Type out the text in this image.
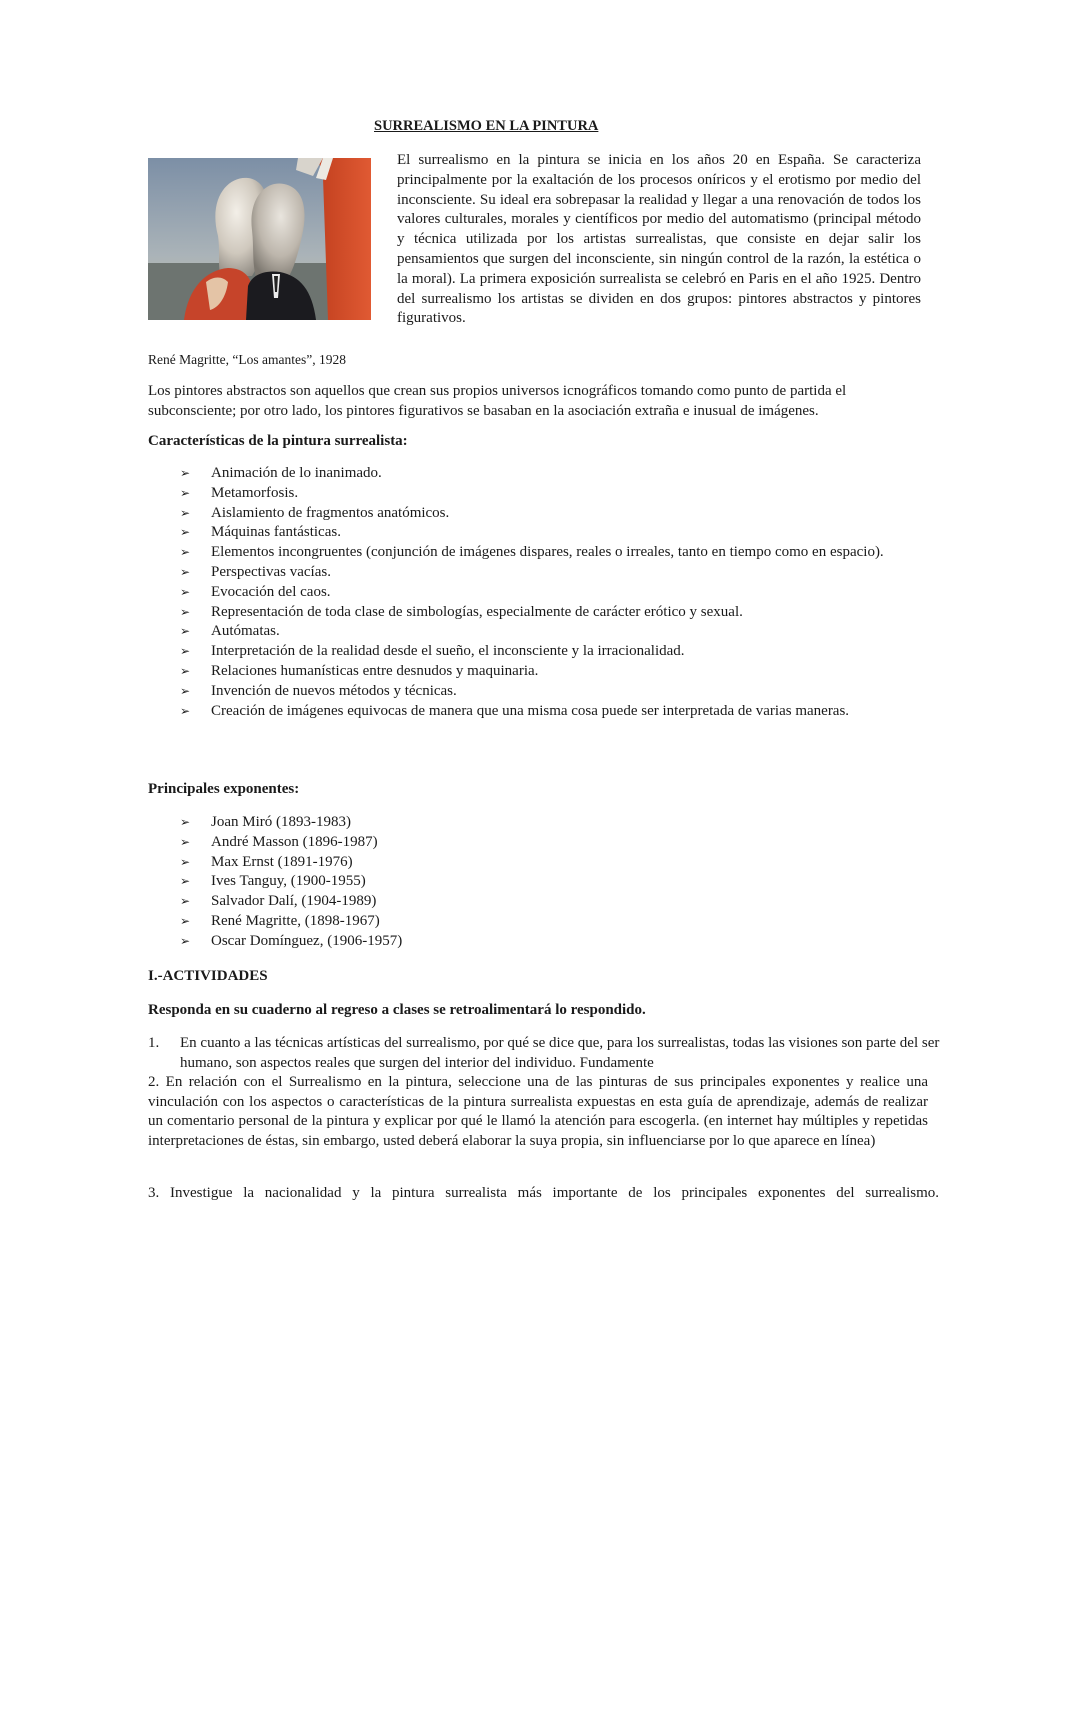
SURREALISMO EN LA PINTURA
El surrealismo en la pintura se inicia en los años 20 en España. Se caracteriza principalmente por la exaltación de los procesos oníricos y el erotismo por medio del inconsciente. Su ideal era sobrepasar la realidad y llegar a una renovación de todos los valores culturales, morales y científicos por medio del automatismo (principal método y técnica utilizada por los artistas surrealistas, que consiste en dejar salir los pensamientos que surgen del inconsciente, sin ningún control de la razón, la estética o la moral). La primera exposición surrealista se celebró en Paris en el año 1925. Dentro del surrealismo los artistas se dividen en dos grupos: pintores abstractos y pintores figurativos.
René Magritte, “Los amantes”, 1928
Los pintores abstractos son aquellos que crean sus propios universos icnográficos tomando como punto de partida el subconsciente; por otro lado, los pintores figurativos se basaban en la asociación extraña e inusual de imágenes.
Características de la pintura surrealista:
➢ Animación de lo inanimado.
➢ Metamorfosis.
➢ Aislamiento de fragmentos anatómicos.
➢ Máquinas fantásticas.
➢ Elementos incongruentes (conjunción de imágenes dispares, reales o irreales, tanto en tiempo como en espacio).
➢ Perspectivas vacías.
➢ Evocación del caos.
➢ Representación de toda clase de simbologías, especialmente de carácter erótico y sexual.
➢ Autómatas.
➢ Interpretación de la realidad desde el sueño, el inconsciente y la irracionalidad.
➢ Relaciones humanísticas entre desnudos y maquinaria.
➢ Invención de nuevos métodos y técnicas.
➢ Creación de imágenes equivocas de manera que una misma cosa puede ser interpretada de varias maneras.
Principales exponentes:
➢ Joan Miró (1893-1983)
➢ André Masson (1896-1987)
➢ Max Ernst (1891-1976)
➢ Ives Tanguy, (1900-1955)
➢ Salvador Dalí, (1904-1989)
➢ René Magritte, (1898-1967)
➢ Oscar Domínguez, (1906-1957)
I.-ACTIVIDADES
Responda en su cuaderno al regreso a clases se retroalimentará lo respondido.
1. En cuanto a las técnicas artísticas del surrealismo, por qué se dice que, para los surrealistas, todas las visiones son parte del ser humano, son aspectos reales que surgen del interior del individuo. Fundamente
2. En relación con el Surrealismo en la pintura, seleccione una de las pinturas de sus principales exponentes y realice una vinculación con los aspectos o características de la pintura surrealista expuestas en esta guía de aprendizaje, además de realizar un comentario personal de la pintura y explicar por qué le llamó la atención para escogerla. (en internet hay múltiples y repetidas interpretaciones de éstas, sin embargo, usted deberá elaborar la suya propia, sin influenciarse por lo que aparece en línea)
3. Investigue la nacionalidad y la pintura surrealista más importante de los principales exponentes del surrealismo.
